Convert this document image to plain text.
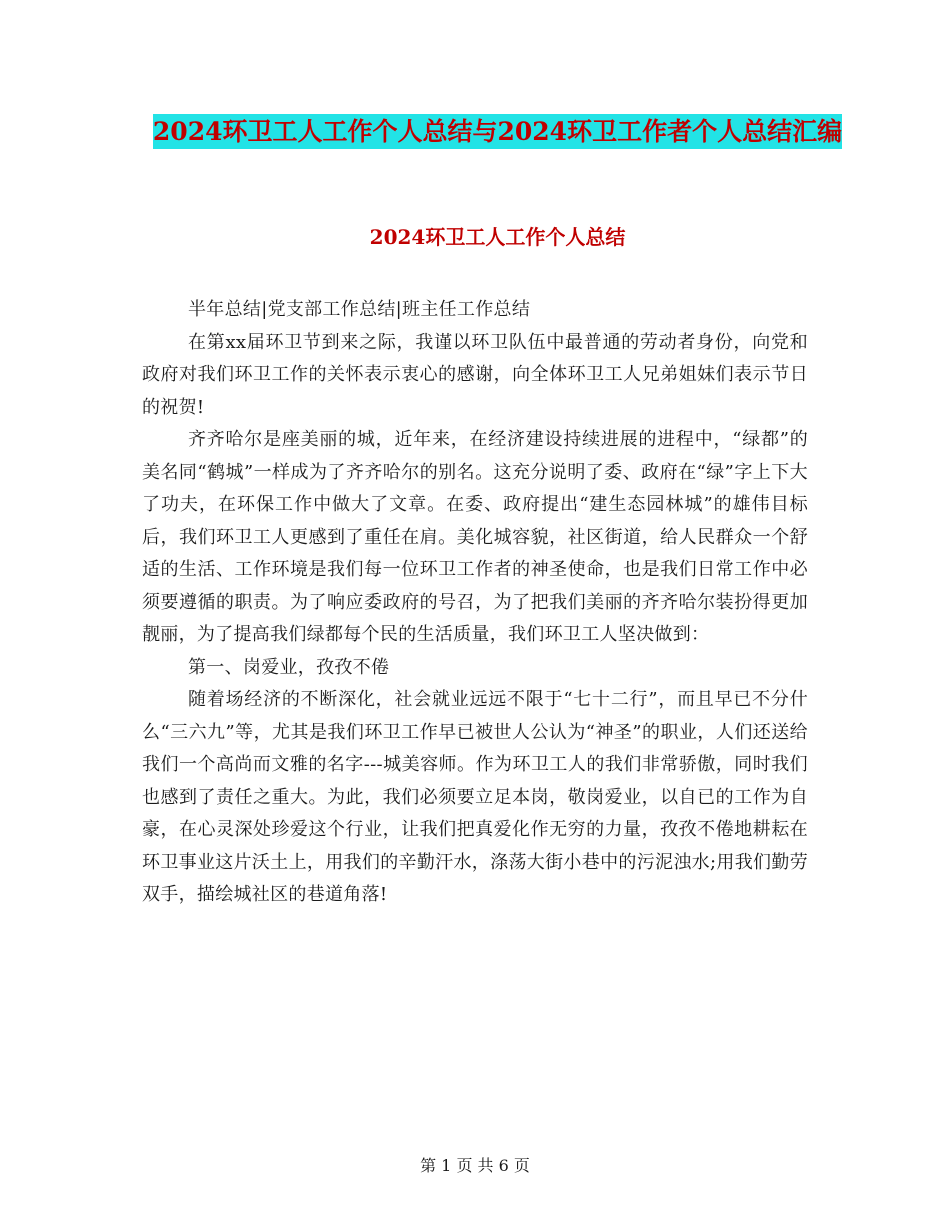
2024环卫工人工作个人总结与2024环卫工作者个人总结汇编
2024环卫工人工作个人总结

半年总结|党支部工作总结|班主任工作总结

在第xx届环卫节到来之际，我谨以环卫队伍中最普通的劳动者身份，向党和政府对我们环卫工作的关怀表示衷心的感谢，向全体环卫工人兄弟姐妹们表示节日的祝贺!

齐齐哈尔是座美丽的城，近年来，在经济建设持续进展的进程中，“绿都”的美名同“鹤城”一样成为了齐齐哈尔的别名。这充分说明了委、政府在“绿”字上下大了功夫，在环保工作中做大了文章。在委、政府提出“建生态园林城”的雄伟目标后，我们环卫工人更感到了重任在肩。美化城容貌，社区街道，给人民群众一个舒适的生活、工作环境是我们每一位环卫工作者的神圣使命，也是我们日常工作中必须要遵循的职责。为了响应委政府的号召，为了把我们美丽的齐齐哈尔装扮得更加靓丽，为了提高我们绿都每个民的生活质量，我们环卫工人坚决做到：

第一、岗爱业，孜孜不倦

随着场经济的不断深化，社会就业远远不限于“七十二行”，而且早已不分什么“三六九”等，尤其是我们环卫工作早已被世人公认为“神圣”的职业，人们还送给我们一个高尚而文雅的名字---城美容师。作为环卫工人的我们非常骄傲，同时我们也感到了责任之重大。为此，我们必须要立足本岗，敬岗爱业，以自已的工作为自豪，在心灵深处珍爱这个行业，让我们把真爱化作无穷的力量，孜孜不倦地耕耘在环卫事业这片沃土上，用我们的辛勤汗水，涤荡大街小巷中的污泥浊水;用我们勤劳双手，描绘城社区的巷道角落!

第 1 页 共 6 页
